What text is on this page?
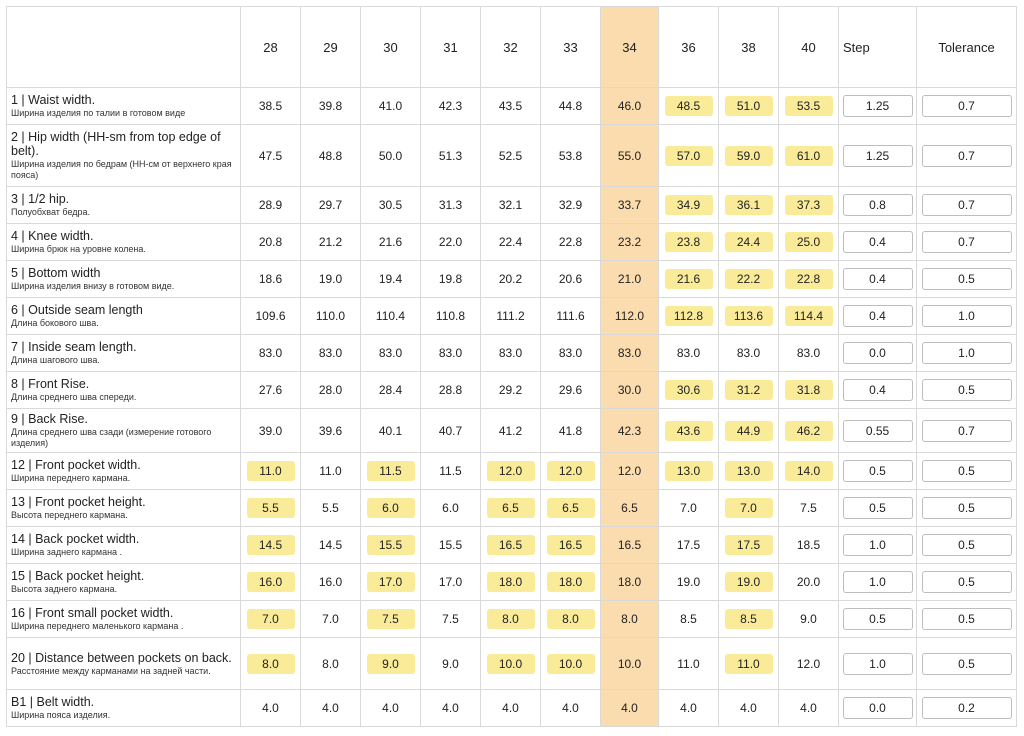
	28	29	30	31	32	33	34	36	38	40	Step	Tolerance

1 | Waist width.
Ширина изделия по талии в готовом виде	38.5	39.8	41.0	42.3	43.5	44.8	46.0	48.5	51.0	53.5	1.25	0.7

2 | Hip width (HH-sm from top edge of belt).
Ширина изделия по бедрам (НН-см от верхнего края пояса)	47.5	48.8	50.0	51.3	52.5	53.8	55.0	57.0	59.0	61.0	1.25	0.7

3 | 1/2 hip.
Полуобхват бедра.	28.9	29.7	30.5	31.3	32.1	32.9	33.7	34.9	36.1	37.3	0.8	0.7

4 | Knee width.
Ширина брюк на уровне колена.	20.8	21.2	21.6	22.0	22.4	22.8	23.2	23.8	24.4	25.0	0.4	0.7

5 | Bottom width
Ширина изделия внизу в готовом виде.	18.6	19.0	19.4	19.8	20.2	20.6	21.0	21.6	22.2	22.8	0.4	0.5

6 | Outside seam length
Длина бокового шва.	109.6	110.0	110.4	110.8	111.2	111.6	112.0	112.8	113.6	114.4	0.4	1.0

7 | Inside seam length.
Длина шагового шва.	83.0	83.0	83.0	83.0	83.0	83.0	83.0	83.0	83.0	83.0	0.0	1.0

8 | Front Rise.
Длина среднего шва спереди.	27.6	28.0	28.4	28.8	29.2	29.6	30.0	30.6	31.2	31.8	0.4	0.5

9 | Back Rise.
Длина среднего шва сзади (измерение готового изделия)	39.0	39.6	40.1	40.7	41.2	41.8	42.3	43.6	44.9	46.2	0.55	0.7

12 | Front pocket width.
Ширина переднего кармана.	11.0	11.0	11.5	11.5	12.0	12.0	12.0	13.0	13.0	14.0	0.5	0.5

13 | Front pocket height.
Высота переднего кармана.	5.5	5.5	6.0	6.0	6.5	6.5	6.5	7.0	7.0	7.5	0.5	0.5

14 | Back pocket width.
Ширина заднего кармана .	14.5	14.5	15.5	15.5	16.5	16.5	16.5	17.5	17.5	18.5	1.0	0.5

15 | Back pocket height.
Высота заднего кармана.	16.0	16.0	17.0	17.0	18.0	18.0	18.0	19.0	19.0	20.0	1.0	0.5

16 | Front small pocket width.
Ширина переднего маленького кармана .	7.0	7.0	7.5	7.5	8.0	8.0	8.0	8.5	8.5	9.0	0.5	0.5

20 | Distance between pockets on back.
Расстояние между карманами на задней части.	8.0	8.0	9.0	9.0	10.0	10.0	10.0	11.0	11.0	12.0	1.0	0.5

B1 | Belt width.
Ширина пояса изделия.	4.0	4.0	4.0	4.0	4.0	4.0	4.0	4.0	4.0	4.0	0.0	0.2
